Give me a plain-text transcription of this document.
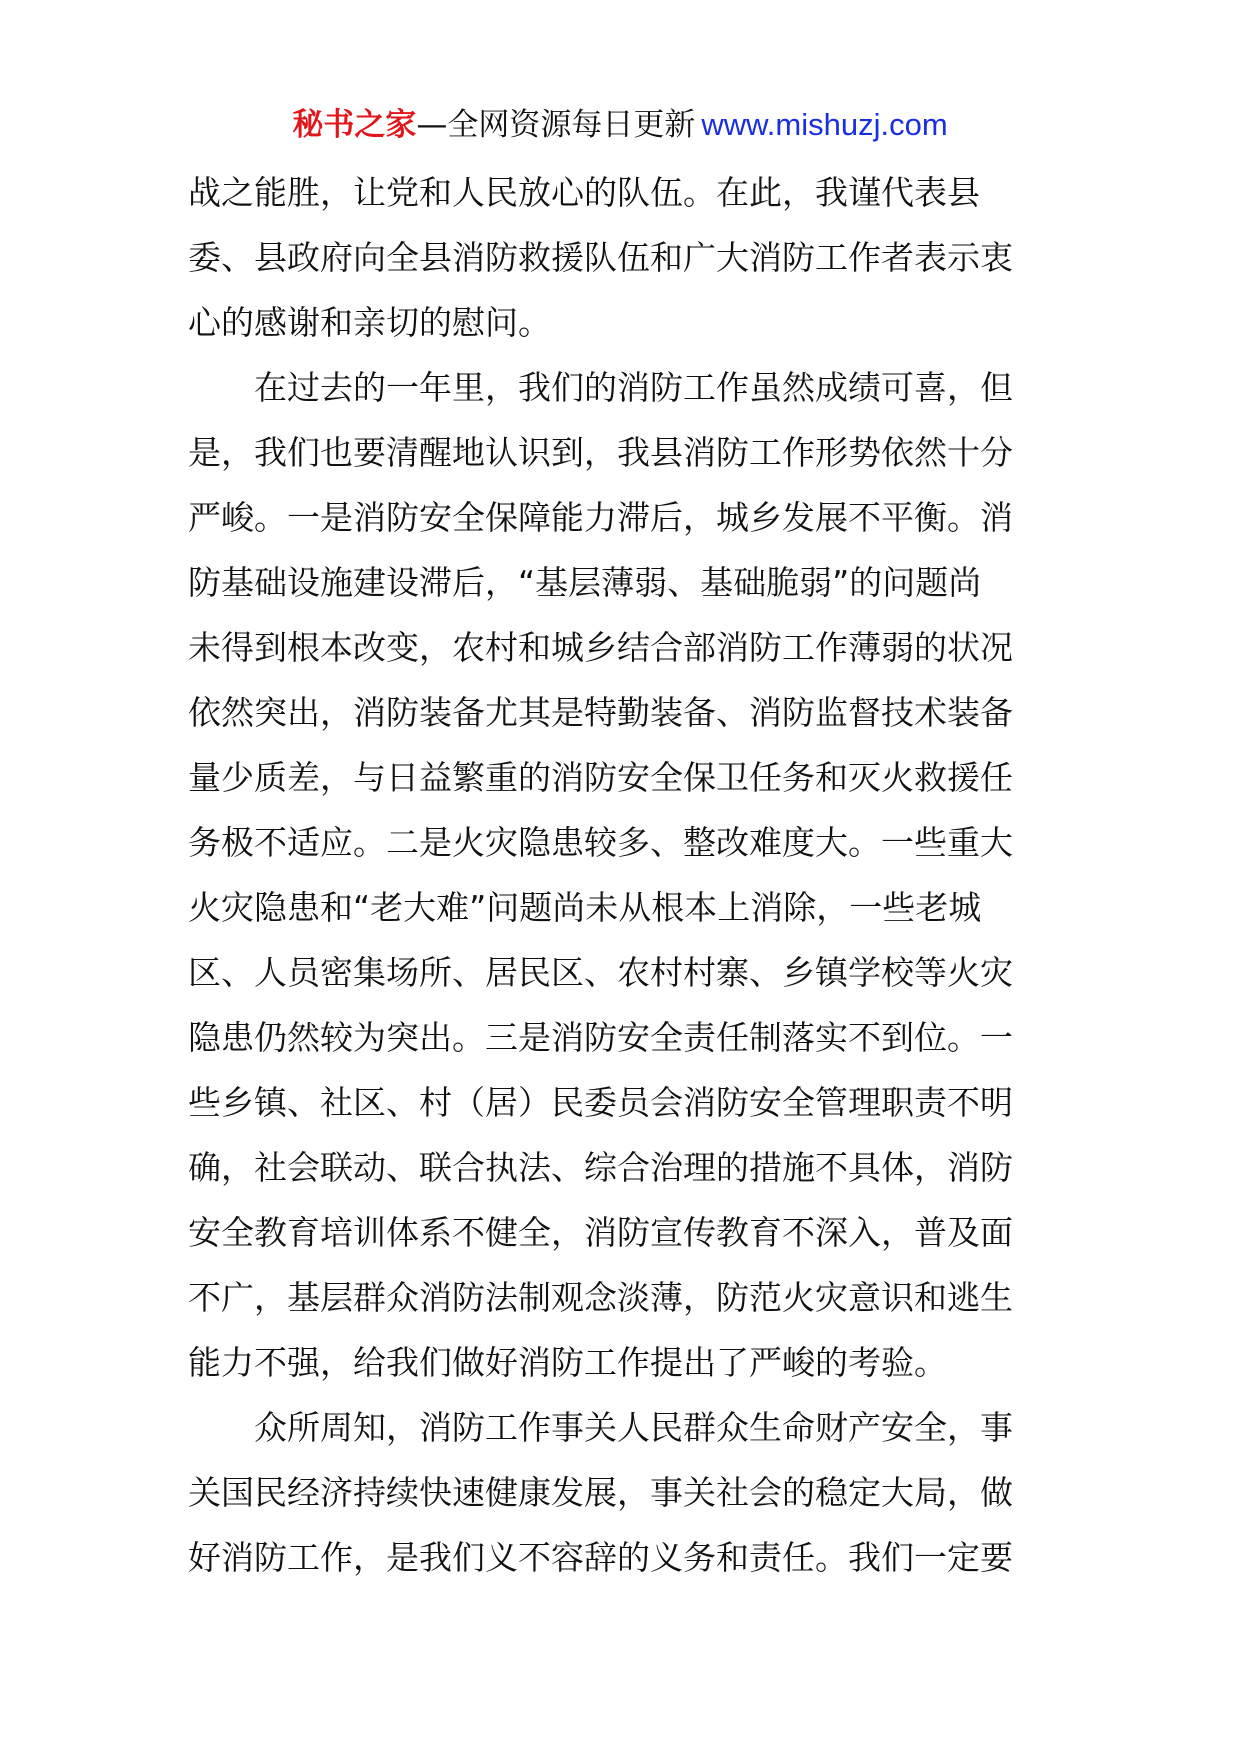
秘书之家—全网资源每日更新 www.mishuzj.com
战之能胜，让党和人民放心的队伍。在此，我谨代表县
委、县政府向全县消防救援队伍和广大消防工作者表示衷
心的感谢和亲切的慰问。
在过去的一年里，我们的消防工作虽然成绩可喜，但
是，我们也要清醒地认识到，我县消防工作形势依然十分
严峻。一是消防安全保障能力滞后，城乡发展不平衡。消
防基础设施建设滞后，“基层薄弱、基础脆弱”的问题尚
未得到根本改变，农村和城乡结合部消防工作薄弱的状况
依然突出，消防装备尤其是特勤装备、消防监督技术装备
量少质差，与日益繁重的消防安全保卫任务和灭火救援任
务极不适应。二是火灾隐患较多、整改难度大。一些重大
火灾隐患和“老大难”问题尚未从根本上消除，一些老城
区、人员密集场所、居民区、农村村寨、乡镇学校等火灾
隐患仍然较为突出。三是消防安全责任制落实不到位。一
些乡镇、社区、村（居）民委员会消防安全管理职责不明
确，社会联动、联合执法、综合治理的措施不具体，消防
安全教育培训体系不健全，消防宣传教育不深入，普及面
不广，基层群众消防法制观念淡薄，防范火灾意识和逃生
能力不强，给我们做好消防工作提出了严峻的考验。
众所周知，消防工作事关人民群众生命财产安全，事
关国民经济持续快速健康发展，事关社会的稳定大局，做
好消防工作，是我们义不容辞的义务和责任。我们一定要
